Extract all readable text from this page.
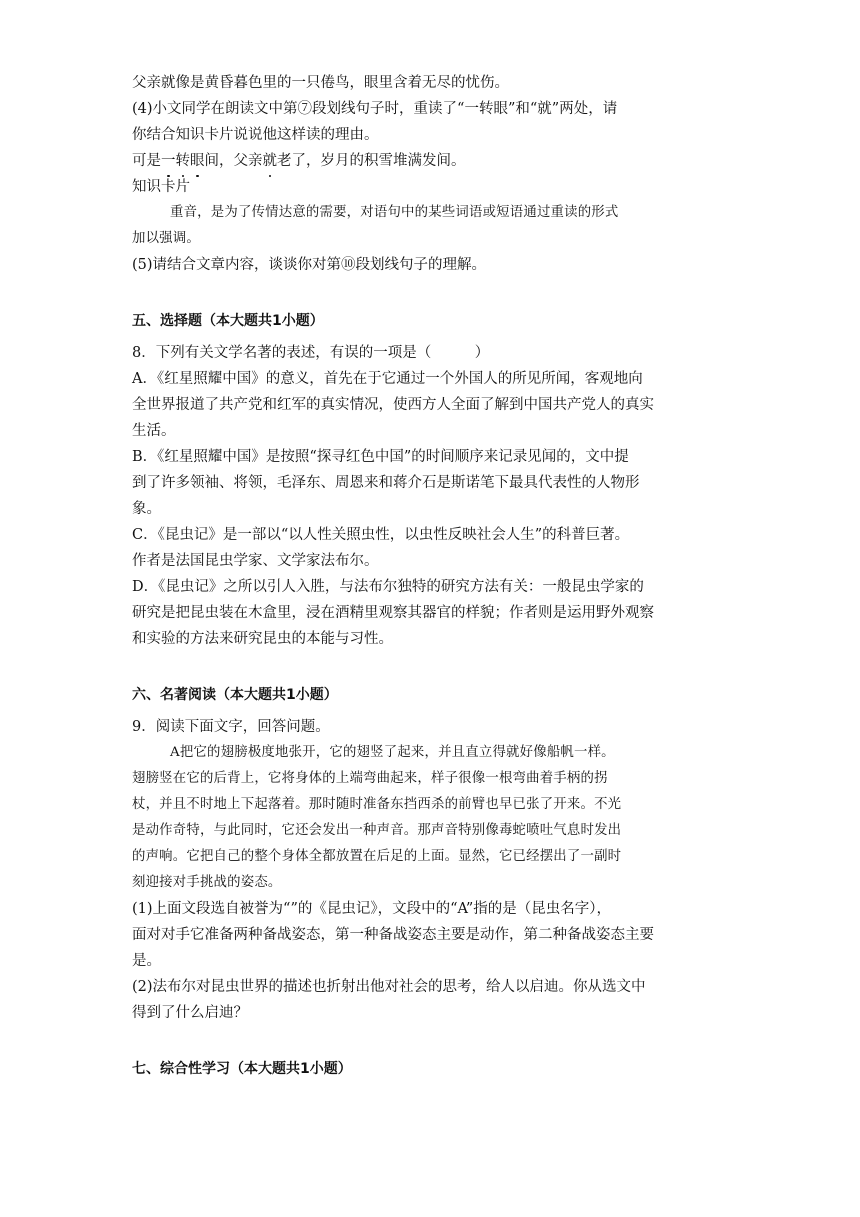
父亲就像是黄昏暮色里的一只倦鸟，眼里含着无尽的忧伤。
(4)小文同学在朗读文中第⑦段划线句子时，重读了“一转眼”和“就”两处，请
你结合知识卡片说说他这样读的理由。
可是一转眼间，父亲就老了，岁月的积雪堆满发间。
知识卡片
重音，是为了传情达意的需要，对语句中的某些词语或短语通过重读的形式
加以强调。
(5)请结合文章内容，谈谈你对第⑩段划线句子的理解。
五、选择题（本大题共1小题）
8．下列有关文学名著的表述，有误的一项是（　　　）
A．《红星照耀中国》的意义，首先在于它通过一个外国人的所见所闻，客观地向
全世界报道了共产党和红军的真实情况，使西方人全面了解到中国共产党人的真实
生活。
B．《红星照耀中国》是按照“探寻红色中国”的时间顺序来记录见闻的，文中提
到了许多领袖、将领，毛泽东、周恩来和蒋介石是斯诺笔下最具代表性的人物形
象。
C．《昆虫记》是一部以“以人性关照虫性，以虫性反映社会人生”的科普巨著。
作者是法国昆虫学家、文学家法布尔。
D．《昆虫记》之所以引人入胜，与法布尔独特的研究方法有关：一般昆虫学家的
研究是把昆虫装在木盒里，浸在酒精里观察其器官的样貌；作者则是运用野外观察
和实验的方法来研究昆虫的本能与习性。
六、名著阅读（本大题共1小题）
9．阅读下面文字，回答问题。
A把它的翅膀极度地张开，它的翅竖了起来，并且直立得就好像船帆一样。
翅膀竖在它的后背上，它将身体的上端弯曲起来，样子很像一根弯曲着手柄的拐
杖，并且不时地上下起落着。那时随时准备东挡西杀的前臂也早已张了开来。不光
是动作奇特，与此同时，它还会发出一种声音。那声音特别像毒蛇喷吐气息时发出
的声响。它把自己的整个身体全都放置在后足的上面。显然，它已经摆出了一副时
刻迎接对手挑战的姿态。
(1)上面文段选自被誉为“”的《昆虫记》，文段中的“A”指的是（昆虫名字），
面对对手它准备两种备战姿态，第一种备战姿态主要是动作，第二种备战姿态主要
是。
(2)法布尔对昆虫世界的描述也折射出他对社会的思考，给人以启迪。你从选文中
得到了什么启迪？
七、综合性学习（本大题共1小题）
